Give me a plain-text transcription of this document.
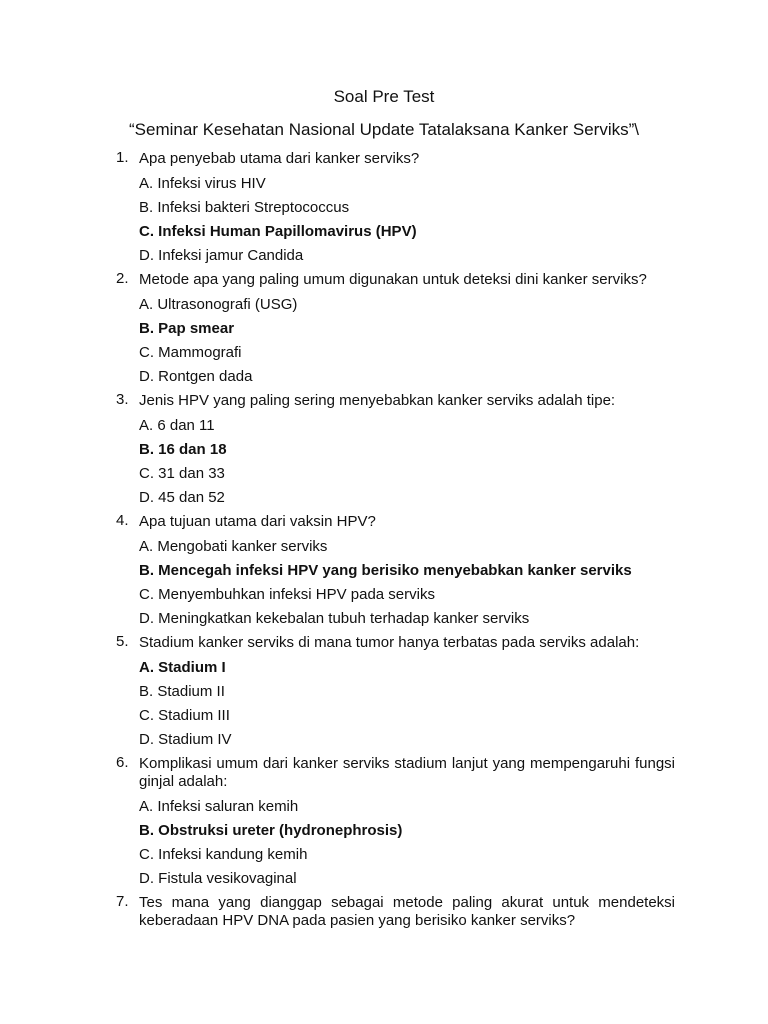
Soal Pre Test
“Seminar Kesehatan Nasional Update Tatalaksana Kanker Serviks”\
1. Apa penyebab utama dari kanker serviks?
A. Infeksi virus HIV
B. Infeksi bakteri Streptococcus
C. Infeksi Human Papillomavirus (HPV)
D. Infeksi jamur Candida
2. Metode apa yang paling umum digunakan untuk deteksi dini kanker serviks?
A. Ultrasonografi (USG)
B. Pap smear
C. Mammografi
D. Rontgen dada
3. Jenis HPV yang paling sering menyebabkan kanker serviks adalah tipe:
A. 6 dan 11
B. 16 dan 18
C. 31 dan 33
D. 45 dan 52
4. Apa tujuan utama dari vaksin HPV?
A. Mengobati kanker serviks
B. Mencegah infeksi HPV yang berisiko menyebabkan kanker serviks
C. Menyembuhkan infeksi HPV pada serviks
D. Meningkatkan kekebalan tubuh terhadap kanker serviks
5. Stadium kanker serviks di mana tumor hanya terbatas pada serviks adalah:
A. Stadium I
B. Stadium II
C. Stadium III
D. Stadium IV
6. Komplikasi umum dari kanker serviks stadium lanjut yang mempengaruhi fungsi ginjal adalah:
A. Infeksi saluran kemih
B. Obstruksi ureter (hydronephrosis)
C. Infeksi kandung kemih
D. Fistula vesikovaginal
7. Tes mana yang dianggap sebagai metode paling akurat untuk mendeteksi keberadaan HPV DNA pada pasien yang berisiko kanker serviks?
